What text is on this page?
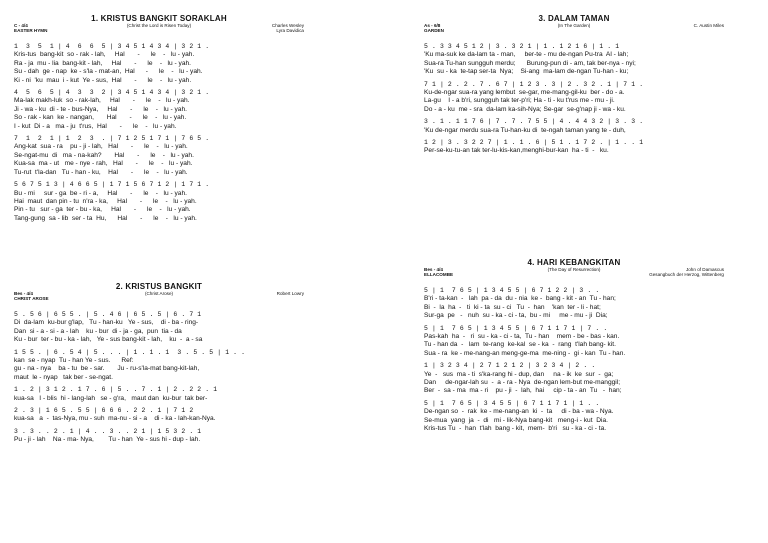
1. KRISTUS BANGKIT SORAKLAH
C - 4/4
EASTER HYMN
(Christ the Lord is Risen Today)	Charles Wesley
Lyra Davidica
1  3  5  1 | 4  6  6  5 | 3 4 5 1 4 3 4 | 3 2 1 .
Kris-tus  bang-kit  so - rak - lah,     Hal       -      le    -   lu - yah.
Ra - ja  mu - lia  bang-kit - lah,     Hal       -      le    -   lu - yah.
Su - dah  ge - nap  ke - s'la - mat-an,  Hal      -      le    -   lu - yah.
Ki - ni  'ku  mau  i - kut  Ye - sus,  Hal       -      le    -   lu - yah.
4  5  6  5 | 4  3  3  2 | 3 4 5 1 4 3 4 | 3 2 1 .
Ma-lak makh-luk  so - rak-lah,     Hal       -      le    -   lu - yah.
Ji - wa - ku  di - te - bus-Nya,     Hal       -      le    -   lu - yah.
So - rak - kan  ke - nangan,       Hal       -      le    -   lu - yah.
I - kut  Di - a   ma - ju  t'rus,  Hal       -      le    -   lu - yah.
7  1  2  1 | 1  2  3  . | 7 1 2 5 1 7 1 | 7 6 5 .
Ang-kat  sua - ra    pu - ji - lah,   Hal       -      le    -   lu - yah.
Se-ngat-mu  di   ma - na-kah?       Hal       -      le    -   lu - yah.
Kua-sa  ma - ut   me - nye - rah,   Hal       -      le    -   lu - yah.
Tu-rut  t'la-dan   Tu - han - ku,    Hal       -      le    -   lu - yah.
5 6 7 5 1 3 | 4 6 6 5 | 1 7 1 5 6 7 1 2 | 1 7 1 .
Bu - mi     sur - ga  be - ri - a,     Hal       -      le    -   lu - yah.
Hai  maut  dan pin - tu  n'ra - ka,     Hal       -      le    -   lu - yah.
Pin - tu   sur - ga  ter - bu - ka,     Hal       -      le    -   lu - yah.
Tang-gung  sa - lib  ser - ta  Hu,      Hal       -      le    -   lu - yah.
2. KRISTUS BANGKIT
Bes - 4/4
CHRIST AROSE
(Christ Arose)	Robert Lowry
5 . 5 6 | 6 5 5 . | 5 . 4 6 | 6 5 . 5 | 6 . 7 1
Di  da-lam  ku-bur g'lap,   Tu - han-ku   Ye - sus,    di - ba - ring-
Dan  si - a - si - a - lah    ku - bur  di - ja - ga,  pun  tia - da
Ku - bur  ter - bu - ka - lah,   Ye - sus bang-kit - lah,    ku  -  a - sa
1 5 5 . | 6 . 5 4 | 5 . . . | 1 . 1 . 1  3 . 5 . 5 | 1 . .
kan  se - nyap  Tu - han Ye - sus.      Ref:
gu - na - nya    ba - tu  be - sar.       Ju - ru-s'la-mat bang-kit-lah,
maut  le - nyap   tak ber - se-ngat.
1 . 2 | 3 1 2 . 1 7 . 6 | 5 . . 7 . 1 | 2 . 2 2 . 1
kua-sa   I - blis  hi - lang-lah   se - g'ra,   maut dan  ku-bur  tak ber-
2 . 3 | 1 6 5 . 5 5 | 6 6 6 . 2 2 . 1 | 7 1 2
kua-sa   a  -  tas-Nya, mu - suh  ma-nu - si - a    di - ka - lah-kan-Nya.
3 . 3 . . 2 . 1 | 4 . . 3 . . 2 1 | 1 5 3 2 . 1
Pu - ji - lah    Na - ma- Nya,        Tu - han  Ye - sus hi - dup - lah.
3. DALAM TAMAN
As - 6/8
GARDEN
(In The Garden)	C. Austin Miles
5 . 3 3 4 5 1 2 | 3 . 3 2 1 | 1 . 1 2 1 6 | 1 . 1
'Ku ma-suk ke da-lam ta - man,     ber-te - mu de-ngan Pu-tra  Al - lah;
Sua-ra Tu-han sungguh merdu;      Burung-pun di - am, tak ber-nya - nyi;
'Ku  su - ka  te-tap ser-ta  Nya;    Si-ang  ma-lam de-ngan Tu-han - ku;
7 1 | 2 . 2 . 7 . 6 7 | 1 2 3 . 3 | 2 . 3 2 . 1 | 7 1 .
Ku-de-ngar sua-ra yang lembut  se-gar, me-mang-gil-ku  ber - do - a.
La-gu    I - a b'ri, sungguh tak ter-p'ri; Ha - ti - ku t'rus me - mu - ji.
Do - a - ku  me - sra  da-lam ka-sih-Nya; Se-gar  se-g'nap ji - wa - ku.
3 . 1 . 1 1 7 6 | 7 . 7 . 7 5 5 | 4 . 4 4 3 2 | 3 . 3 .
'Ku de-ngar merdu sua-ra Tu-han-ku di  te-ngah taman yang te - duh,
1 2 | 3 . 3 2 2 7 | 1 . 1 . 6 | 5 1 . 1 7 2 . | 1 . . 1
Per-se-ku-tu-an tak ter-lu-kis-kan,menghi-bur-kan  ha - ti  -   ku.
4. HARI KEBANGKITAN
Bes - 4/4
ELLACOMBE
(The Day of Resurrection)	John of Damascus
Gesangbuch der Herzog, Wittenberg
5 | 1  7 6 5 | 1 3 4 5 5 | 6 7 1 2 2 | 3 . .
B'ri - ta-kan  -   lah  pa - da  du - nia  ke -  bang - kit - an  Tu - han;
Bi  -  la  ha  -   ti  ki - ta  su - ci   Tu  -  han    'kan  ter - li - hat;
Sur-ga  pe   -   nuh  su - ka - ci - ta,  bu - mi     me - mu - ji  Dia;
5 | 1  7 6 5 | 1 3 4 5 5 | 6 7 1 1 7 1 | 7 . .
Pas-kah  ha  -   ri  su - ka - ci - ta,  Tu - han    mem - be - bas - kan.
Tu - han da  -   lam  te-rang  ke-kal  se - ka  -  rang  t'lah bang- kit.
Sua - ra  ke - me-nang-an meng-ge-ma  me-ning -  gi - kan  Tu - han.
1 | 3 2 3 4 | 2 7 1 2 1 2 | 3 2 3 4 | 2 . .
Ye  -   sus  ma - ti  s'ka-rang hi - dup, dan     na - ik  ke  sur  -  ga;
Dan     de-ngar-lah su  -  a - ra - Nya  de-ngan lem-but me-manggil;
Ber  -  sa - ma  ma - ri    pu - ji  -  lah,  hai     cip - ta - an  Tu   -  han;
5 | 1  7 6 5 | 3 4 5 5 | 6 7 1 1 7 1 | 1 . .
De-ngan so  -  rak  ke - me-nang-an  ki  -  ta     di - ba - wa - Nya.
Se-mua  yang  ja  -  di   mi - lik-Nya bang-kit   meng-i - kut  Dia.
Kris-tus Tu  -  han  t'lah  bang - kit,  mem-  b'ri   su - ka - ci - ta.
